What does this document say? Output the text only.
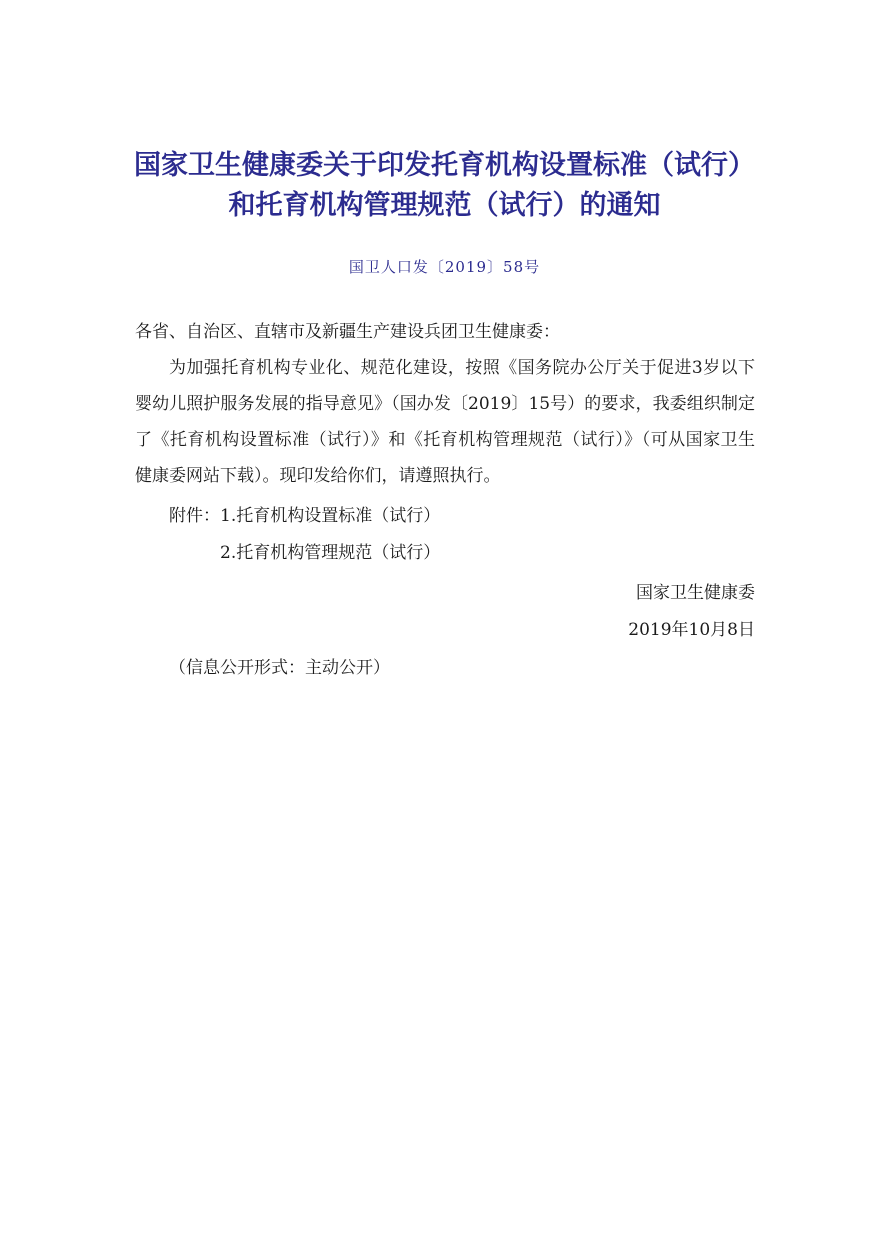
国家卫生健康委关于印发托育机构设置标准（试行）
和托育机构管理规范（试行）的通知
国卫人口发〔2019〕58号

各省、自治区、直辖市及新疆生产建设兵团卫生健康委：

为加强托育机构专业化、规范化建设，按照《国务院办公厅关于促进3岁以下婴幼儿照护服务发展的指导意见》（国办发〔2019〕15号）的要求，我委组织制定了《托育机构设置标准（试行）》和《托育机构管理规范（试行）》（可从国家卫生健康委网站下载）。现印发给你们，请遵照执行。

附件：1.托育机构设置标准（试行）
2.托育机构管理规范（试行）
国家卫生健康委
2019年10月8日
（信息公开形式：主动公开）
